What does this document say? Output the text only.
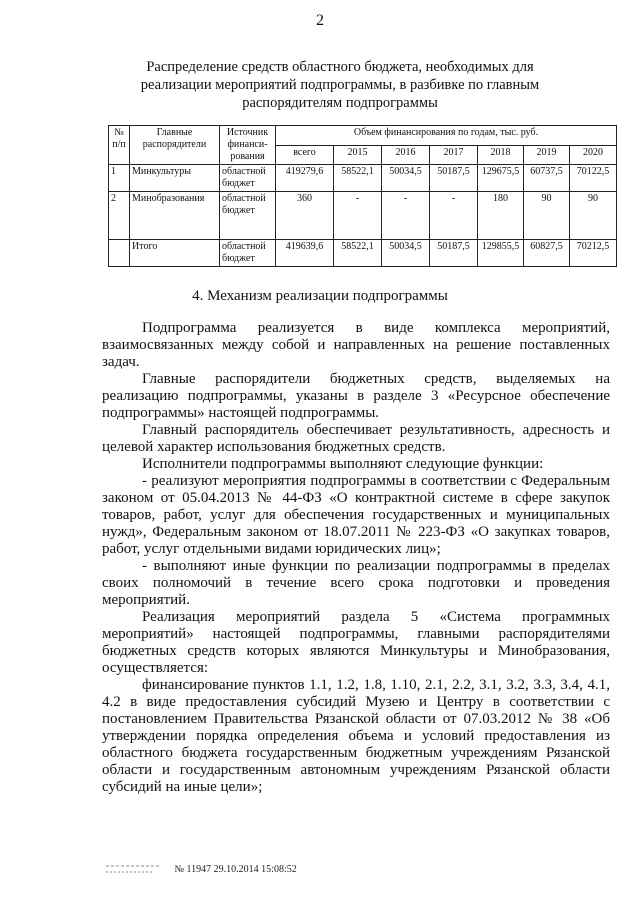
2
Распределение средств областного бюджета, необходимых для реализации мероприятий подпрограммы, в разбивке по главным распорядителям подпрограммы
№ п/п	Главные распорядители	Источник финанси-рования	Объем финансирования по годам, тыс. руб.						
			всего	2015	2016	2017	2018	2019	2020
1	Минкультуры	областной бюджет	419279,6	58522,1	50034,5	50187,5	129675,5	60737,5	70122,5
2	Минобразования	областной бюджет	360	-	-	-	180	90	90
	Итого	областной бюджет	419639,6	58522,1	50034,5	50187,5	129855,5	60827,5	70212,5
4. Механизм реализации подпрограммы

Подпрограмма реализуется в виде комплекса мероприятий, взаимосвязанных между собой и направленных на решение поставленных задач.

Главные распорядители бюджетных средств, выделяемых на реализацию подпрограммы, указаны в разделе 3 «Ресурсное обеспечение подпрограммы» настоящей подпрограммы.

Главный распорядитель обеспечивает результативность, адресность и целевой характер использования бюджетных средств.

Исполнители подпрограммы выполняют следующие функции:

- реализуют мероприятия подпрограммы в соответствии с Федеральным законом от 05.04.2013 № 44-ФЗ «О контрактной системе в сфере закупок товаров, работ, услуг для обеспечения государственных и муниципальных нужд», Федеральным законом от 18.07.2011 № 223-ФЗ «О закупках товаров, работ, услуг отдельными видами юридических лиц»;

- выполняют иные функции по реализации подпрограммы в пределах своих полномочий в течение всего срока подготовки и проведения мероприятий.

Реализация мероприятий раздела 5 «Система программных мероприятий» настоящей подпрограммы, главными распорядителями бюджетных средств которых являются Минкультуры и Минобразования, осуществляется:

финансирование пунктов 1.1, 1.2, 1.8, 1.10, 2.1, 2.2, 3.1, 3.2, 3.3, 3.4, 4.1, 4.2 в виде предоставления субсидий Музею и Центру в соответствии с постановлением Правительства Рязанской области от 07.03.2012 № 38 «Об утверждении порядка определения объема и условий предоставления из областного бюджета государственным бюджетным учреждениям Рязанской области и государственным автономным учреждениям Рязанской области субсидий на иные цели»;

№ 11947 29.10.2014 15:08:52
